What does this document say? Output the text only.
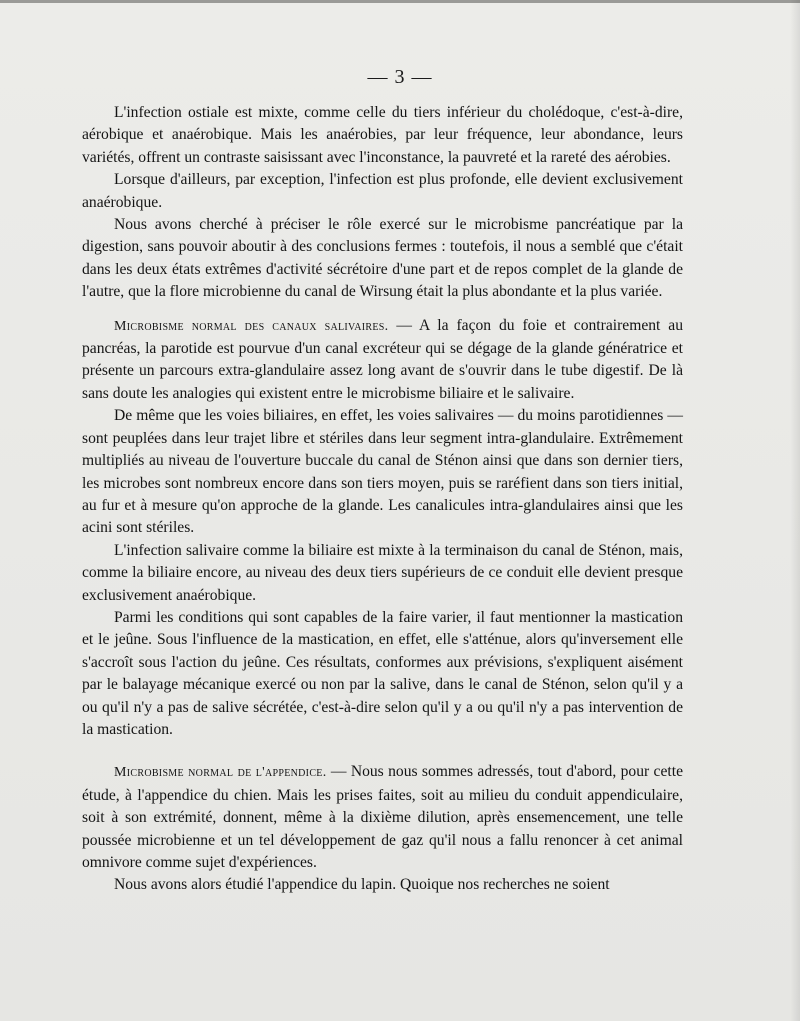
— 3 —

L'infection ostiale est mixte, comme celle du tiers inférieur du cholédoque, c'est-à-dire, aérobique et anaérobique. Mais les anaérobies, par leur fréquence, leur abondance, leurs variétés, offrent un contraste saisissant avec l'inconstance, la pauvreté et la rareté des aérobies.

Lorsque d'ailleurs, par exception, l'infection est plus profonde, elle devient exclusivement anaérobique.

Nous avons cherché à préciser le rôle exercé sur le microbisme pancréatique par la digestion, sans pouvoir aboutir à des conclusions fermes : toutefois, il nous a semblé que c'était dans les deux états extrêmes d'activité sécrétoire d'une part et de repos complet de la glande de l'autre, que la flore microbienne du canal de Wirsung était la plus abondante et la plus variée.

Microbisme normal des canaux salivaires. — A la façon du foie et contrairement au pancréas, la parotide est pourvue d'un canal excréteur qui se dégage de la glande génératrice et présente un parcours extra-glandulaire assez long avant de s'ouvrir dans le tube digestif. De là sans doute les analogies qui existent entre le microbisme biliaire et le salivaire.

De même que les voies biliaires, en effet, les voies salivaires — du moins parotidiennes — sont peuplées dans leur trajet libre et stériles dans leur segment intra-glandulaire. Extrêmement multipliés au niveau de l'ouverture buccale du canal de Sténon ainsi que dans son dernier tiers, les microbes sont nombreux encore dans son tiers moyen, puis se raréfient dans son tiers initial, au fur et à mesure qu'on approche de la glande. Les canalicules intra-glandulaires ainsi que les acini sont stériles.

L'infection salivaire comme la biliaire est mixte à la terminaison du canal de Sténon, mais, comme la biliaire encore, au niveau des deux tiers supérieurs de ce conduit elle devient presque exclusivement anaérobique.

Parmi les conditions qui sont capables de la faire varier, il faut mentionner la mastication et le jeûne. Sous l'influence de la mastication, en effet, elle s'atténue, alors qu'inversement elle s'accroît sous l'action du jeûne. Ces résultats, conformes aux prévisions, s'expliquent aisément par le balayage mécanique exercé ou non par la salive, dans le canal de Sténon, selon qu'il y a ou qu'il n'y a pas de salive sécrétée, c'est-à-dire selon qu'il y a ou qu'il n'y a pas intervention de la mastication.

Microbisme normal de l'appendice. — Nous nous sommes adressés, tout d'abord, pour cette étude, à l'appendice du chien. Mais les prises faites, soit au milieu du conduit appendiculaire, soit à son extrémité, donnent, même à la dixième dilution, après ensemencement, une telle poussée microbienne et un tel développement de gaz qu'il nous a fallu renoncer à cet animal omnivore comme sujet d'expériences.

Nous avons alors étudié l'appendice du lapin. Quoique nos recherches ne soient
